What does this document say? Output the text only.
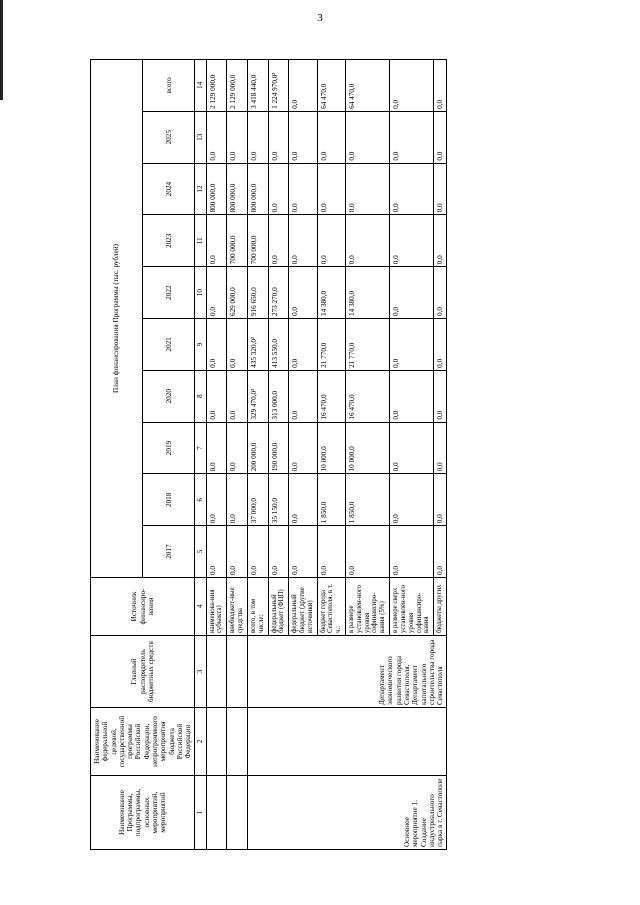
3
Наименование Программы, подпрограммы, основных мероприятий, мероприятий	Наименование федеральной целевой, государственной программы Российской Федерации, непрограммного мероприятия бюджета Российской Федерации	Главный распорядитель бюджетных средств	Источник финансиро-вания	План финансирования Программы (тыс. рублей)									
				2017	2018	2019	2020	2021	2022	2023	2024	2025	всего
1	2	3	4	5	6	7	8	9	10	11	12	13	14
			наименова-ния субъекта)	0,0	0,0	0,0	0,0	0,0	0,0	0,0	800 000,0	0,0	2 129 000,0
			внебюджет-ные средства	0,0	0,0	0,0	0,0	0,0	629 000,0	700 000,0	800 000,0	0,0	2 129 000,0
Основное мероприятие 1. Создание индустриального парка в г. Севастополе		Департамент экономического развития города Севастополя, Департамент капитального строительства города Севастополя	всего, в том числе:	0,0	37 000,0	200 000,0	329 470,0²	435 320,0²	916 650,0	700 000,0	800 000,0	0,0	3 418 440,0
			федеральный бюджет (ФЦП)	0,0	35 150,0	190 000,0	313 000,0	413 550,0	273 270,0	0,0	0,0	0,0	1 224 970,0²
			федеральный бюджет (другие источники)	0,0	0,0	0,0	0,0	0,0	0,0	0,0	0,0	0,0	0,0
			бюджет города Севастополя, в т. ч.:	0,0	1 850,0	10 000,0	16 470,0	21 770,0	14 380,0	0,0	0,0	0,0	64 470,0
			в размере установлен-ного уровня софинансиро-вания (5%)	0,0	1 850,0	10 000,0	16 470,0	21 770,0	14 380,0	0,0	0,0	0,0	64 470,0
			в размере сверх установлен-ного уровня софинансиро-вания	0,0	0,0	0,0	0,0	0,0	0,0	0,0	0,0	0,0	0,0
			бюджеты других	0,0	0,0	0,0	0,0	0,0	0,0	0,0	0,0	0,0	0,0
